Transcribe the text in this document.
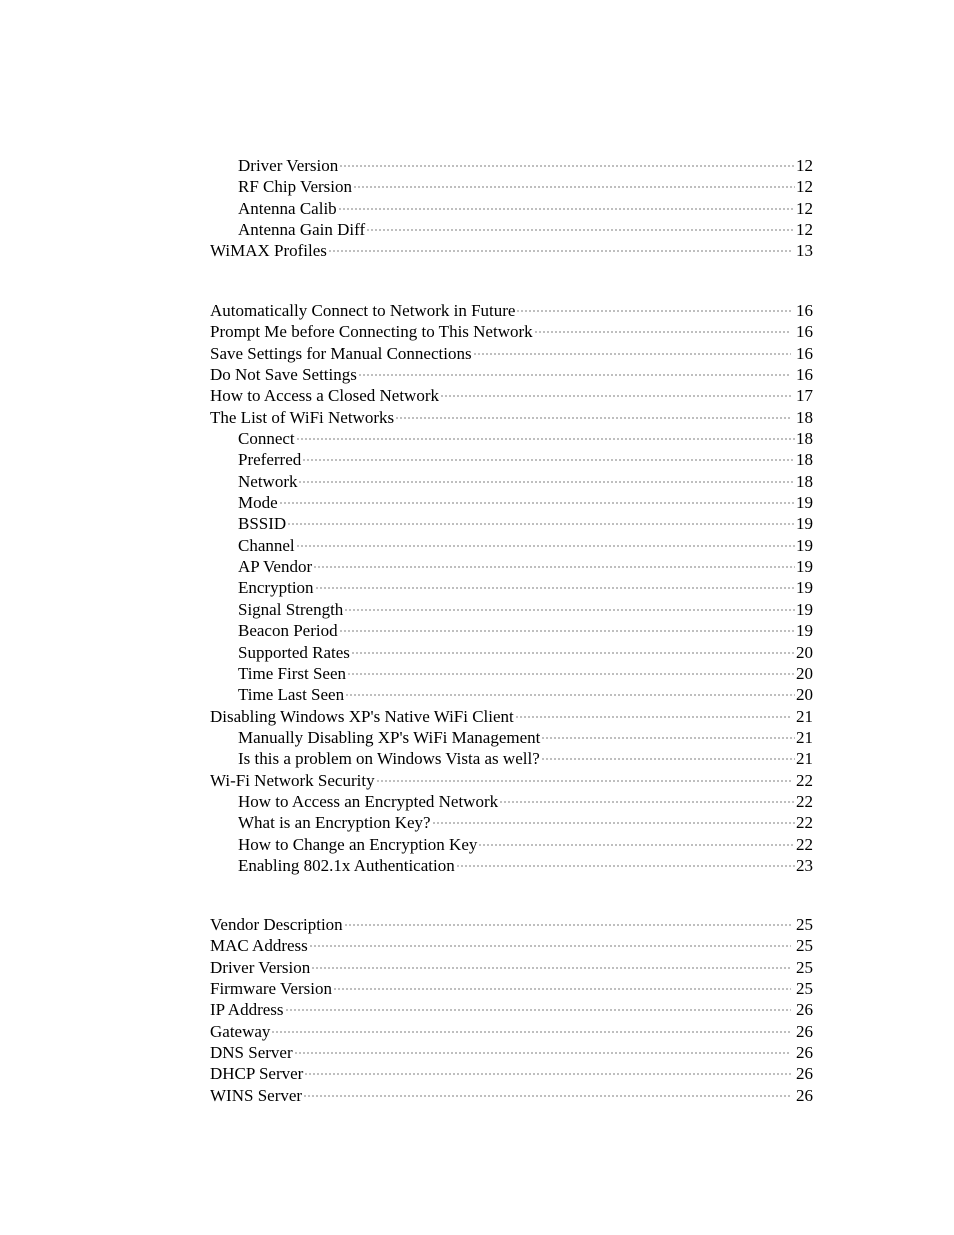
Driver Version	12
RF Chip Version	12
Antenna Calib	12
Antenna Gain Diff	12
WiMAX Profiles	13
Automatically Connect to Network in Future	16
Prompt Me before Connecting to This Network	16
Save Settings for Manual Connections	16
Do Not Save Settings	16
How to Access a Closed Network	17
The List of WiFi Networks	18
Connect	18
Preferred	18
Network	18
Mode	19
BSSID	19
Channel	19
AP Vendor	19
Encryption	19
Signal Strength	19
Beacon Period	19
Supported Rates	20
Time First Seen	20
Time Last Seen	20
Disabling Windows XP's Native WiFi Client	21
Manually Disabling XP's WiFi Management	21
Is this a problem on Windows Vista as well?	21
Wi-Fi Network Security	22
How to Access an Encrypted Network	22
What is an Encryption Key?	22
How to Change an Encryption Key	22
Enabling 802.1x Authentication	23
Vendor Description	25
MAC Address	25
Driver Version	25
Firmware Version	25
IP Address	26
Gateway	26
DNS Server	26
DHCP Server	26
WINS Server	26
